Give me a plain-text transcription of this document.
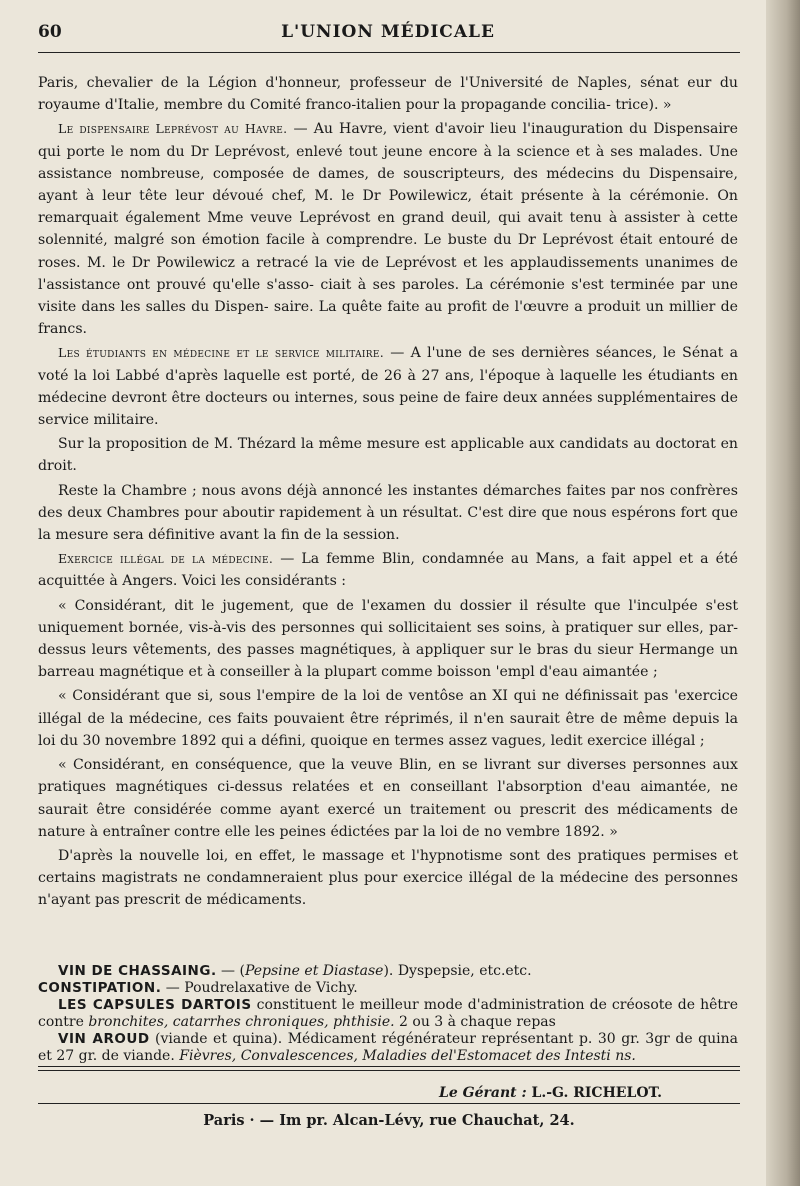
60	L'UNION MÉDICALE

Paris, chevalier de la Légion d'honneur, professeur de l'Université de Naples, sénat eur du royaume d'Italie, membre du Comité franco-italien pour la propagande concilia- trice). »

Le dispensaire Leprévost au Havre. — Au Havre, vient d'avoir lieu l'inauguration du Dispensaire qui porte le nom du Dr Leprévost, enlevé tout jeune encore à la science et à ses malades. Une assistance nombreuse, composée de dames, de souscripteurs, des médecins du Dispensaire, ayant à leur tête leur dévoué chef, M. le Dr Powilewicz, était présente à la cérémonie. On remarquait également Mme veuve Leprévost en grand deuil, qui avait tenu à assister à cette solennité, malgré son émotion facile à comprendre. Le buste du Dr Leprévost était entouré de roses. M. le Dr Powilewicz a retracé la vie de Leprévost et les applaudissements unanimes de l'assistance ont prouvé qu'elle s'asso- ciait à ses paroles. La cérémonie s'est terminée par une visite dans les salles du Dispen- saire. La quête faite au profit de l'œuvre a produit un millier de francs.

Les étudiants en médecine et le service militaire. — A l'une de ses dernières séances, le Sénat a voté la loi Labbé d'après laquelle est porté, de 26 à 27 ans, l'époque à laquelle les étudiants en médecine devront être docteurs ou internes, sous peine de faire deux années supplémentaires de service militaire.

Sur la proposition de M. Thézard la même mesure est applicable aux candidats au doctorat en droit.

Reste la Chambre ; nous avons déjà annoncé les instantes démarches faites par nos confrères des deux Chambres pour aboutir rapidement à un résultat. C'est dire que nous espérons fort que la mesure sera définitive avant la fin de la session.

Exercice illégal de la médecine. — La femme Blin, condamnée au Mans, a fait appel et a été acquittée à Angers. Voici les considérants :

« Considérant, dit le jugement, que de l'examen du dossier il résulte que l'inculpée s'est uniquement bornée, vis-à-vis des personnes qui sollicitaient ses soins, à pratiquer sur elles, par-dessus leurs vêtements, des passes magnétiques, à appliquer sur le bras du sieur Hermange un barreau magnétique et à conseiller à la plupart comme boisson 'empl d'eau aimantée ;

« Considérant que si, sous l'empire de la loi de ventôse an XI qui ne définissait pas 'exercice illégal de la médecine, ces faits pouvaient être réprimés, il n'en saurait être de même depuis la loi du 30 novembre 1892 qui a défini, quoique en termes assez vagues, ledit exercice illégal ;

« Considérant, en conséquence, que la veuve Blin, en se livrant sur diverses personnes aux pratiques magnétiques ci-dessus relatées et en conseillant l'absorption d'eau aimantée, ne saurait être considérée comme ayant exercé un traitement ou prescrit des médicaments de nature à entraîner contre elle les peines édictées par la loi de no vembre 1892. »

D'après la nouvelle loi, en effet, le massage et l'hypnotisme sont des pratiques permises et certains magistrats ne condamneraient plus pour exercice illégal de la médecine des personnes n'ayant pas prescrit de médicaments.

VIN DE CHASSAING. — (Pepsine et Diastase). Dyspepsie, etc.etc.

CONSTIPATION. — Poudrelaxative de Vichy.

LES CAPSULES DARTOIS constituent le meilleur mode d'administration de créosote de hêtre contre bronchites, catarrhes chroniques, phthisie. 2 ou 3 à chaque repas

VIN AROUD (viande et quina). Médicament régénérateur représentant p. 30 gr. 3gr de quina et 27 gr. de viande. Fièvres, Convalescences, Maladies del'Estomacet des Intesti ns.

Le Gérant : L.-G. RICHELOT.
Paris · — Im pr. Alcan-Lévy, rue Chauchat, 24.
